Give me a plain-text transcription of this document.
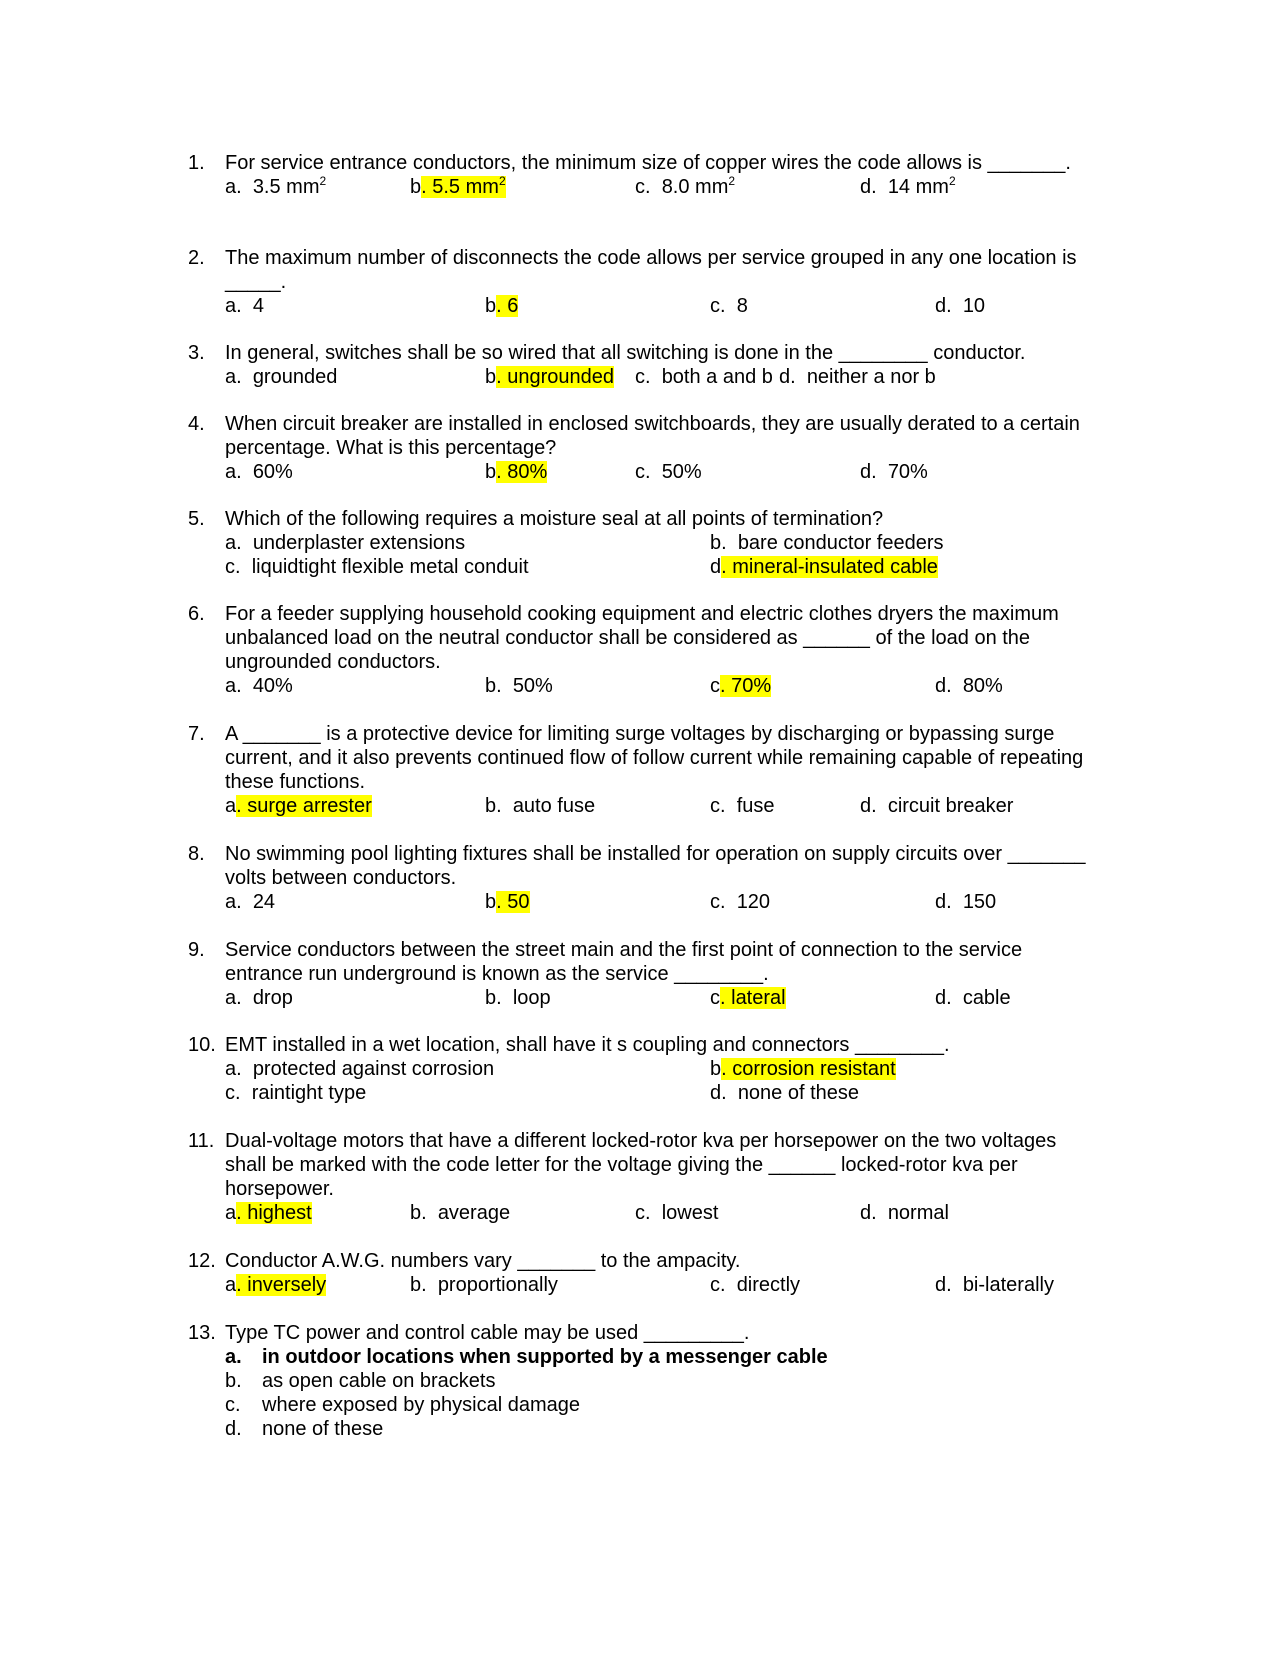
1. For service entrance conductors, the minimum size of copper wires the code allows is _______.
a. 3.5 $mm^2$	b. 5.5 $mm^2$	c. 8.0 $mm^2$	d. 14 $mm^2$
2. The maximum number of disconnects the code allows per service grouped in any one location is _____.
a. 4	b. 6	c. 8	d. 10
3. In general, switches shall be so wired that all switching is done in the ________ conductor.
a. grounded	b. ungrounded c. both a and b d. neither a nor b
4. When circuit breaker are installed in enclosed switchboards, they are usually derated to a certain percentage. What is this percentage?
a. 60%	b. 80%	c. 50%	d. 70%
5. Which of the following requires a moisture seal at all points of termination?
a. underplaster extensions	b. bare conductor feeders
c. liquidtight flexible metal conduit	d. mineral-insulated cable
6. For a feeder supplying household cooking equipment and electric clothes dryers the maximum unbalanced load on the neutral conductor shall be considered as ______ of the load on the ungrounded conductors.
a. 40%	b. 50%	c. 70%	d. 80%
7. A _______ is a protective device for limiting surge voltages by discharging or bypassing surge current, and it also prevents continued flow of follow current while remaining capable of repeating these functions.
a. surge arrester	b. auto fuse	c. fuse	d. circuit breaker
8. No swimming pool lighting fixtures shall be installed for operation on supply circuits over _______ volts between conductors.
a. 24	b. 50	c. 120	d. 150
9. Service conductors between the street main and the first point of connection to the service entrance run underground is known as the service ________.
a. drop	b. loop	c. lateral	d. cable
10. EMT installed in a wet location, shall have it s coupling and connectors ________.
a. protected against corrosion	b. corrosion resistant
c. raintight type	d. none of these
11. Dual-voltage motors that have a different locked-rotor kva per horsepower on the two voltages shall be marked with the code letter for the voltage giving the ______ locked-rotor kva per horsepower.
a. highest	b. average	c. lowest	d. normal
12. Conductor A.W.G. numbers vary _______ to the ampacity.
a. inversely	b. proportionally	c. directly	d. bi-laterally
13. Type TC power and control cable may be used _________.
a. in outdoor locations when supported by a messenger cable
b. as open cable on brackets
c. where exposed by physical damage
d. none of these
